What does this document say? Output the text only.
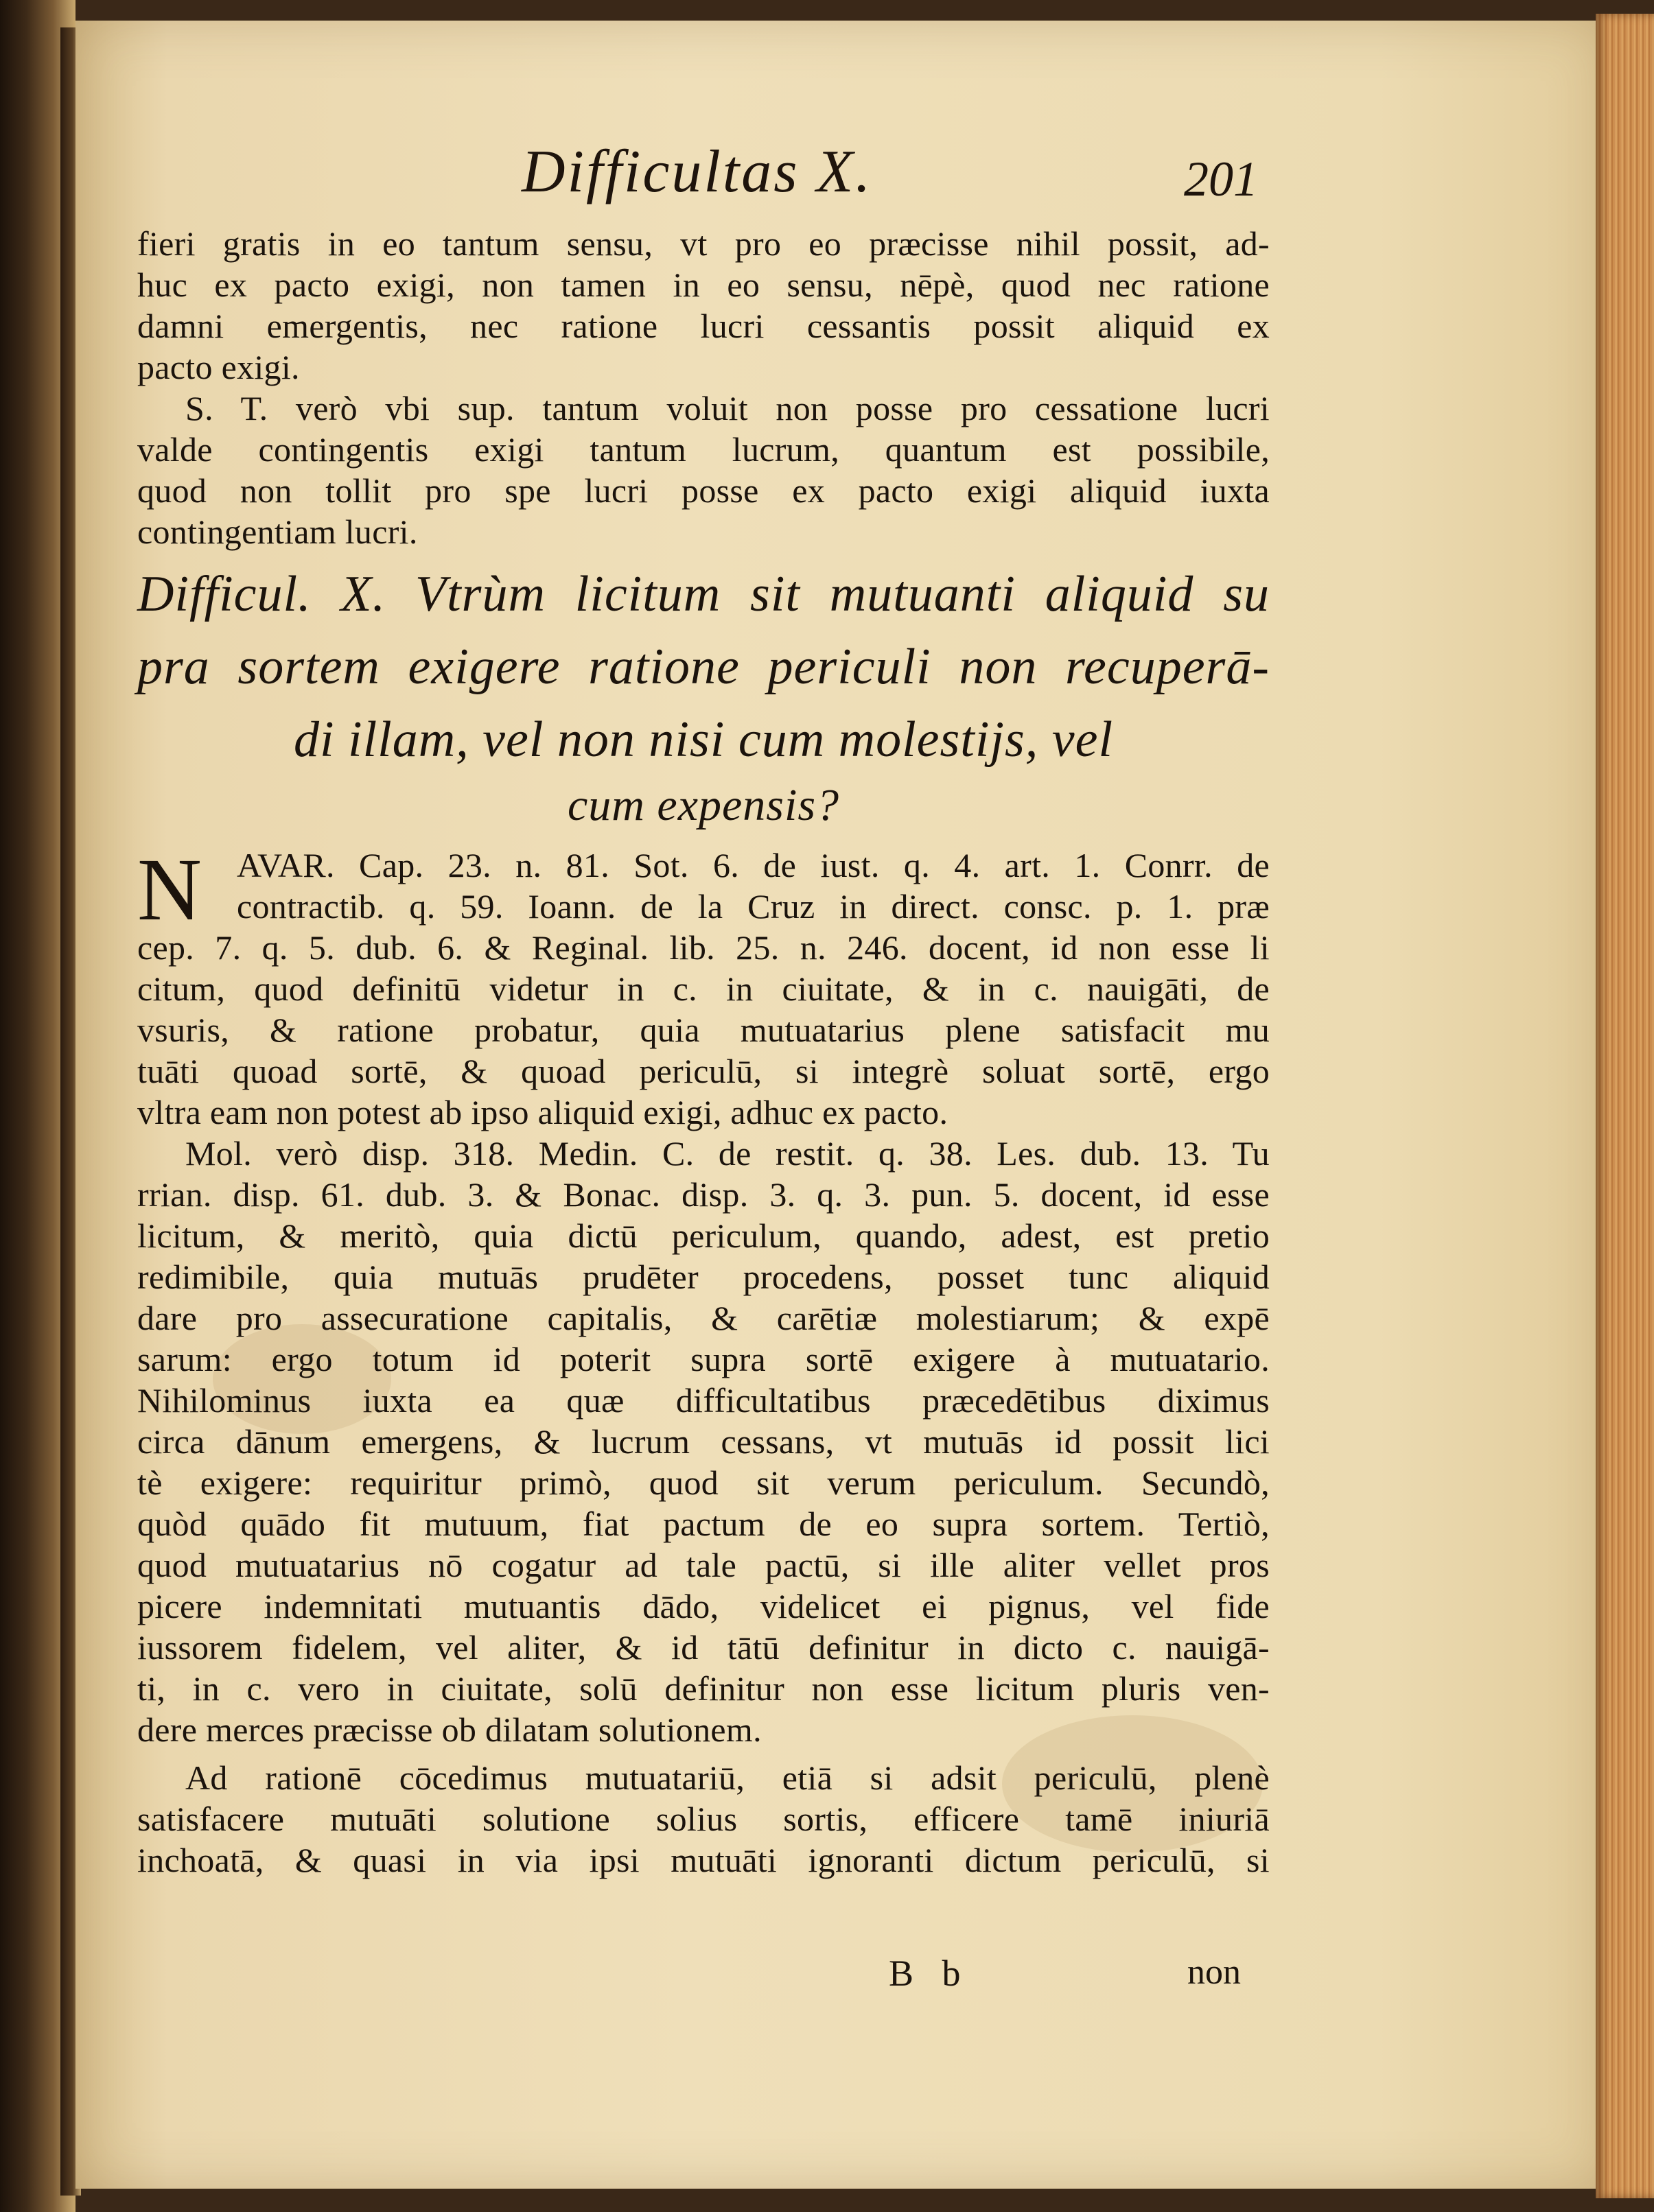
Difficultas X.	201
fieri gratis in eo tantum sensu, vt pro eo præcisse nihil possit, ad-
huc ex pacto exigi, non tamen in eo sensu, nēpè, quod nec ratione
damni emergentis, nec ratione lucri cessantis possit aliquid ex
pacto exigi.
S. T. verò vbi sup. tantum voluit non posse pro cessatione lucri
valde contingentis exigi tantum lucrum, quantum est possibile,
quod non tollit pro spe lucri posse ex pacto exigi aliquid iuxta
contingentiam lucri.
Difficul. X. Vtrùm licitum sit mutuanti aliquid su
pra sortem exigere ratione periculi non recuperā-
di illam, vel non nisi cum molestijs, vel
cum expensis?
N	AVAR. Cap. 23. n. 81. Sot. 6. de iust. q. 4. art. 1. Conrr. de
contractib. q. 59. Ioann. de la Cruz in direct. consc. p. 1. præ
cep. 7. q. 5. dub. 6. & Reginal. lib. 25. n. 246. docent, id non esse li
citum, quod definitū videtur in c. in ciuitate, & in c. nauigāti, de
vsuris, & ratione probatur, quia mutuatarius plene satisfacit mu
tuāti quoad sortē, & quoad periculū, si integrè soluat sortē, ergo
vltra eam non potest ab ipso aliquid exigi, adhuc ex pacto.
Mol. verò disp. 318. Medin. C. de restit. q. 38. Les. dub. 13. Tu
rrian. disp. 61. dub. 3. & Bonac. disp. 3. q. 3. pun. 5. docent, id esse
licitum, & meritò, quia dictū periculum, quando, adest, est pretio
redimibile, quia mutuās prudēter procedens, posset tunc aliquid
dare pro assecuratione capitalis, & carētiæ molestiarum; & expē
sarum: ergo totum id poterit supra sortē exigere à mutuatario.
Nihilominus iuxta ea quæ difficultatibus præcedētibus diximus
circa dānum emergens, & lucrum cessans, vt mutuās id possit lici
tè exigere: requiritur primò, quod sit verum periculum. Secundò,
quòd quādo fit mutuum, fiat pactum de eo supra sortem. Tertiò,
quod mutuatarius nō cogatur ad tale pactū, si ille aliter vellet pros
picere indemnitati mutuantis dādo, videlicet ei pignus, vel fide
iussorem fidelem, vel aliter, & id tātū definitur in dicto c. nauigā-
ti, in c. vero in ciuitate, solū definitur non esse licitum pluris ven-
dere merces præcisse ob dilatam solutionem.
Ad rationē cōcedimus mutuatariū, etiā si adsit periculū, plenè
satisfacere mutuāti solutione solius sortis, efficere tamē iniuriā
inchoatā, & quasi in via ipsi mutuāti ignoranti dictum periculū, si
B b	non
